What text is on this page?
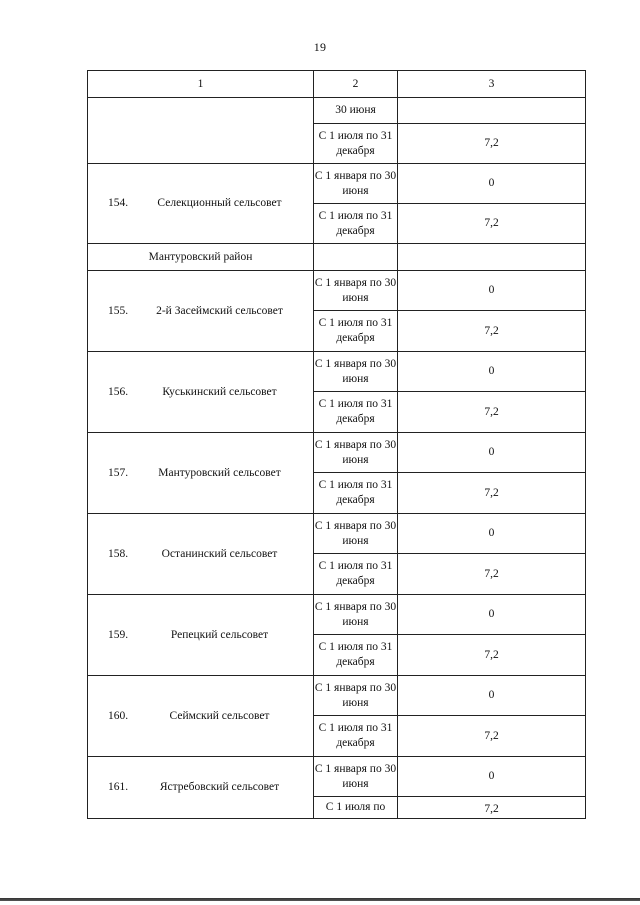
19
1	2	3
	30 июня	
	С 1 июля по 31 декабря	7,2

154. Селекционный сельсовет	С 1 января по 30 июня	0
	С 1 июля по 31 декабря	7,2
Мантуровский район		

155. 2-й Засеймский сельсовет	С 1 января по 30 июня	0
	С 1 июля по 31 декабря	7,2

156. Куськинский сельсовет	С 1 января по 30 июня	0
	С 1 июля по 31 декабря	7,2

157. Мантуровский сельсовет	С 1 января по 30 июня	0
	С 1 июля по 31 декабря	7,2

158. Останинский сельсовет	С 1 января по 30 июня	0
	С 1 июля по 31 декабря	7,2

159. Репецкий сельсовет	С 1 января по 30 июня	0
	С 1 июля по 31 декабря	7,2

160. Сеймский сельсовет	С 1 января по 30 июня	0
	С 1 июля по 31 декабря	7,2

161. Ястребовский сельсовет	С 1 января по 30 июня	0
	С 1 июля по	7,2
